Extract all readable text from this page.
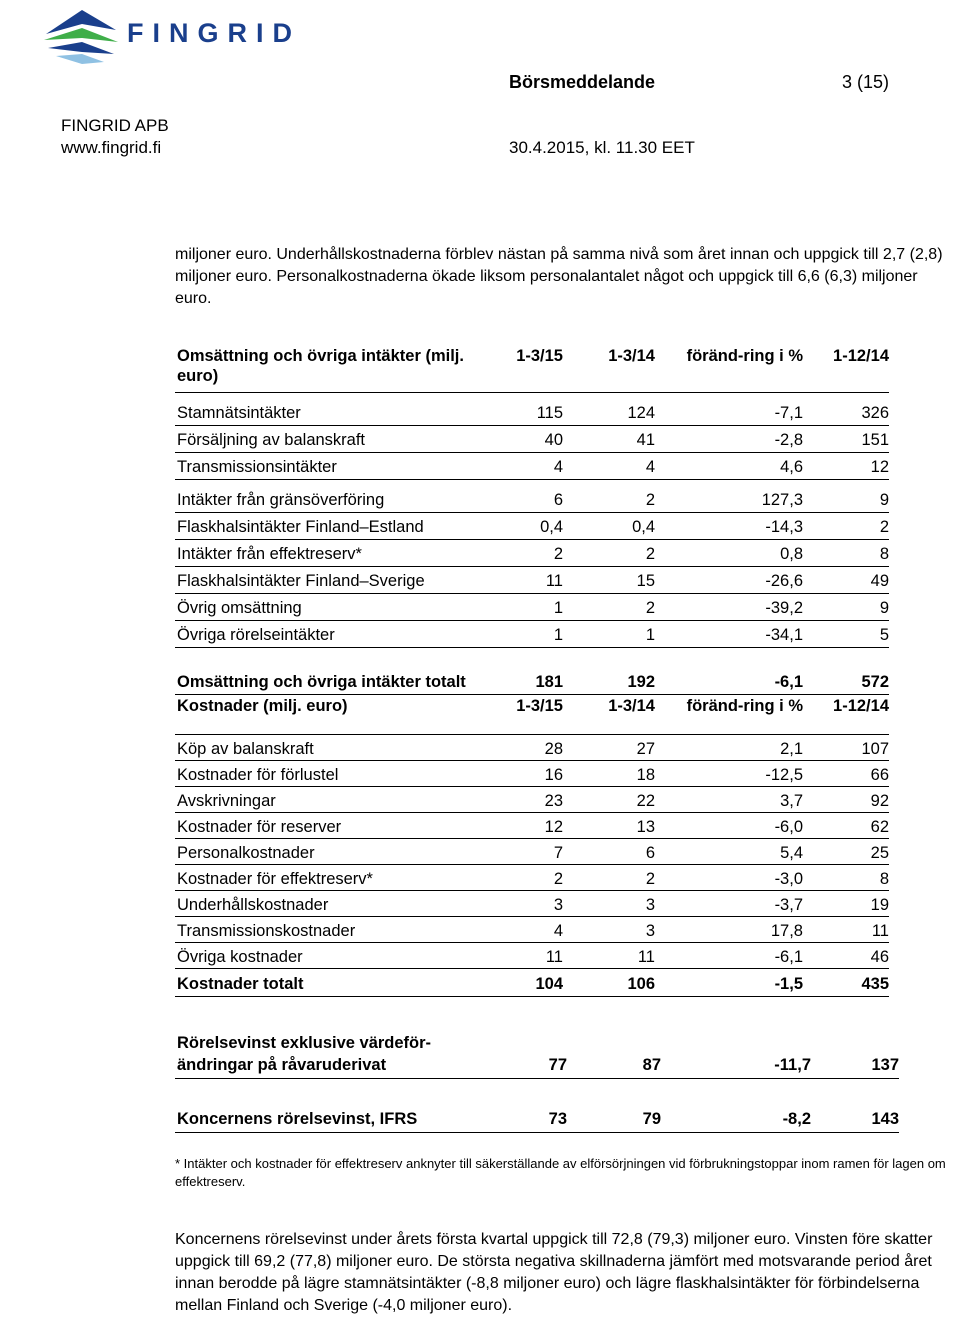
FINGRID
Börsmeddelande	3 (15)
FINGRID APB
www.fingrid.fi	30.4.2015, kl. 11.30 EET

miljoner euro. Underhållskostnaderna förblev nästan på samma nivå som året innan och uppgick till 2,7 (2,8) miljoner euro. Personalkostnaderna ökade liksom personalantalet något och uppgick till 6,6 (6,3) miljoner euro.

Omsättning och övriga intäkter (milj. euro)	1-3/15	1-3/14	föränd-ring i %	1-12/14
Stamnätsintäkter	115	124	-7,1	326
Försäljning av balanskraft	40	41	-2,8	151
Transmissionsintäkter	4	4	4,6	12
Intäkter från gränsöverföring	6	2	127,3	9
Flaskhalsintäkter Finland–Estland	0,4	0,4	-14,3	2
Intäkter från effektreserv*	2	2	0,8	8
Flaskhalsintäkter Finland–Sverige	11	15	-26,6	49
Övrig omsättning	1	2	-39,2	9
Övriga rörelseintäkter	1	1	-34,1	5
Omsättning och övriga intäkter totalt	181	192	-6,1	572
Kostnader (milj. euro)	1-3/15	1-3/14	föränd-ring i %	1-12/14

Köp av balanskraft	28	27	2,1	107
Kostnader för förlustel	16	18	-12,5	66
Avskrivningar	23	22	3,7	92
Kostnader för reserver	12	13	-6,0	62
Personalkostnader	7	6	5,4	25
Kostnader för effektreserv*	2	2	-3,0	8
Underhållskostnader	3	3	-3,7	19
Transmissionskostnader	4	3	17,8	11
Övriga kostnader	11	11	-6,1	46
Kostnader totalt	104	106	-1,5	435
Rörelsevinst exklusive värdeför-ändringar på råvaruderivat	77	87	-11,7	137
Koncernens rörelsevinst, IFRS	73	79	-8,2	143

* Intäkter och kostnader för effektreserv anknyter till säkerställande av elförsörjningen vid förbrukningstoppar inom ramen för lagen om effektreserv.

Koncernens rörelsevinst under årets första kvartal uppgick till 72,8 (79,3) miljoner euro. Vinsten före skatter uppgick till 69,2 (77,8) miljoner euro. De största negativa skillnaderna jämfört med motsvarande period året innan berodde på lägre stamnätsintäkter (-8,8 miljoner euro) och lägre flaskhalsintäkter för förbindelserna mellan Finland och Sverige (-4,0 miljoner euro).
